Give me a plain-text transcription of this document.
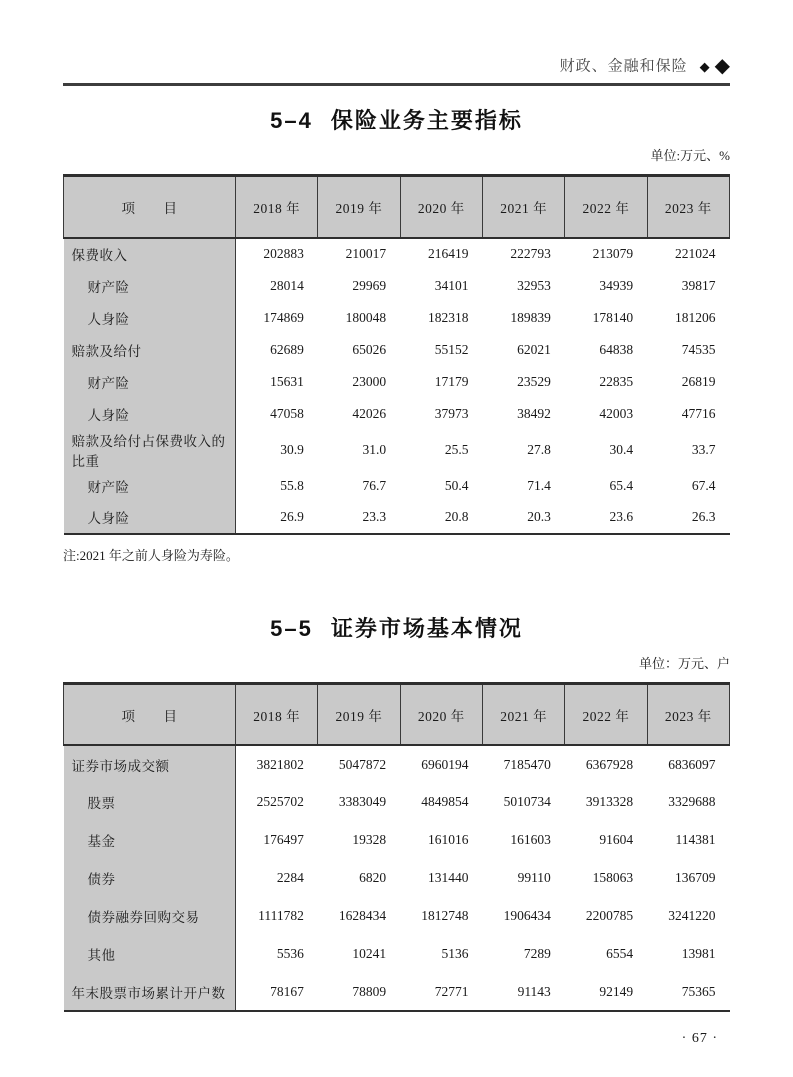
财政、金融和保险 ◆ ◆
5–4 保险业务主要指标
单位:万元、%
项　　目	2018 年	2019 年	2020 年	2021 年	2022 年	2023 年
保费收入	202883	210017	216419	222793	213079	221024
财产险	28014	29969	34101	32953	34939	39817
人身险	174869	180048	182318	189839	178140	181206
赔款及给付	62689	65026	55152	62021	64838	74535
财产险	15631	23000	17179	23529	22835	26819
人身险	47058	42026	37973	38492	42003	47716
赔款及给付占保费收入的比重	30.9	31.0	25.5	27.8	30.4	33.7
财产险	55.8	76.7	50.4	71.4	65.4	67.4
人身险	26.9	23.3	20.8	20.3	23.6	26.3
注:2021 年之前人身险为寿险。
5–5 证券市场基本情况
单位：万元、户
项　　目	2018 年	2019 年	2020 年	2021 年	2022 年	2023 年
证券市场成交额	3821802	5047872	6960194	7185470	6367928	6836097
股票	2525702	3383049	4849854	5010734	3913328	3329688
基金	176497	19328	161016	161603	91604	114381
债券	2284	6820	131440	99110	158063	136709
债券融券回购交易	1111782	1628434	1812748	1906434	2200785	3241220
其他	5536	10241	5136	7289	6554	13981
年末股票市场累计开户数	78167	78809	72771	91143	92149	75365
· 67 ·
